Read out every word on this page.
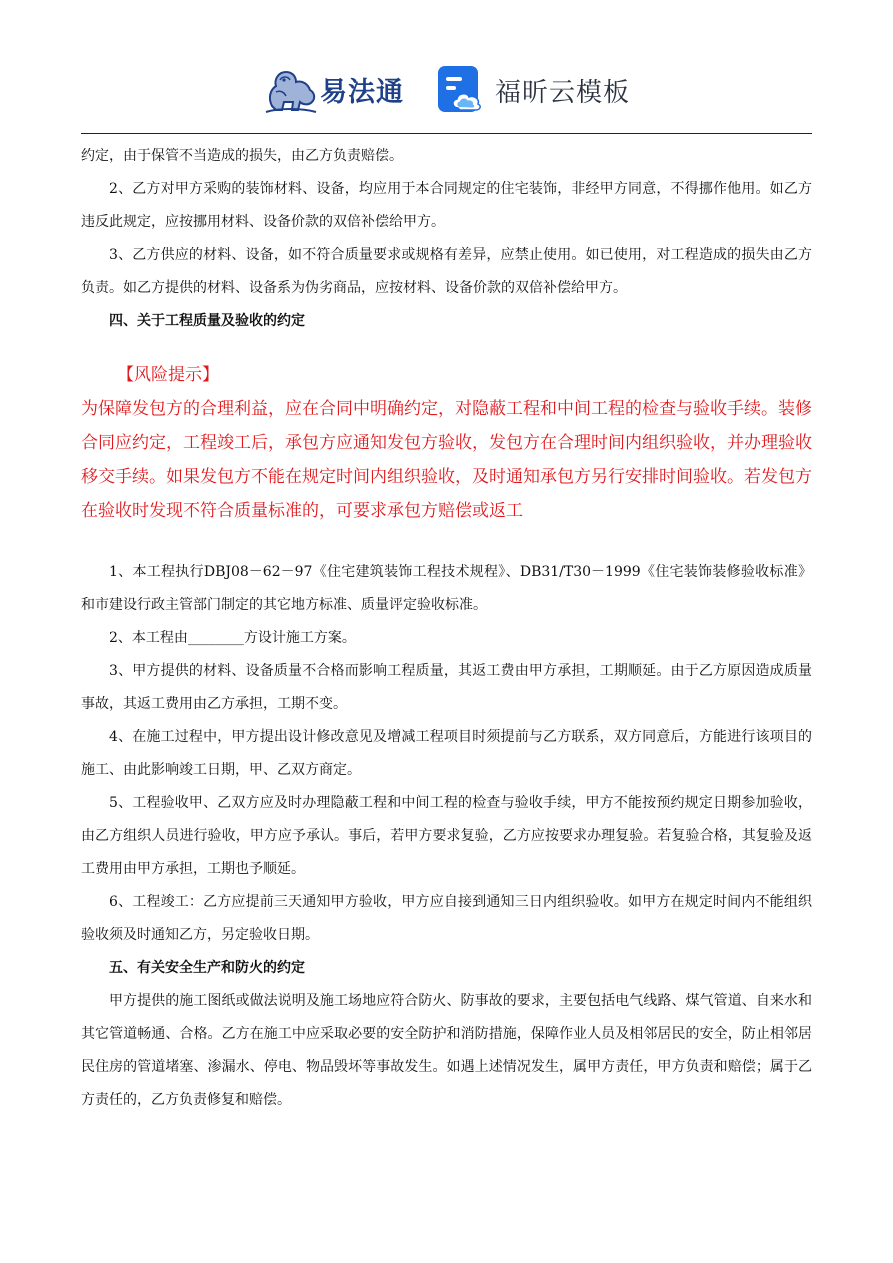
易法通	福昕云模板

约定，由于保管不当造成的损失，由乙方负责赔偿。

2、乙方对甲方采购的装饰材料、设备，均应用于本合同规定的住宅装饰，非经甲方同意，不得挪作他用。如乙方违反此规定，应按挪用材料、设备价款的双倍补偿给甲方。

3、乙方供应的材料、设备，如不符合质量要求或规格有差异，应禁止使用。如已使用，对工程造成的损失由乙方负责。如乙方提供的材料、设备系为伪劣商品，应按材料、设备价款的双倍补偿给甲方。

四、关于工程质量及验收的约定
【风险提示】
为保障发包方的合理利益，应在合同中明确约定，对隐蔽工程和中间工程的检查与验收手续。装修合同应约定，工程竣工后，承包方应通知发包方验收，发包方在合理时间内组织验收，并办理验收移交手续。如果发包方不能在规定时间内组织验收，及时通知承包方另行安排时间验收。若发包方在验收时发现不符合质量标准的，可要求承包方赔偿或返工

1、本工程执行DBJ08－62－97《住宅建筑装饰工程技术规程》、DB31/T30－1999《住宅装饰装修验收标准》和市建设行政主管部门制定的其它地方标准、质量评定验收标准。

2、本工程由________方设计施工方案。

3、甲方提供的材料、设备质量不合格而影响工程质量，其返工费由甲方承担，工期顺延。由于乙方原因造成质量事故，其返工费用由乙方承担，工期不变。

4、在施工过程中，甲方提出设计修改意见及增减工程项目时须提前与乙方联系，双方同意后，方能进行该项目的施工、由此影响竣工日期，甲、乙双方商定。

5、工程验收甲、乙双方应及时办理隐蔽工程和中间工程的检查与验收手续，甲方不能按预约规定日期参加验收，由乙方组织人员进行验收，甲方应予承认。事后，若甲方要求复验，乙方应按要求办理复验。若复验合格，其复验及返工费用由甲方承担，工期也予顺延。

6、工程竣工：乙方应提前三天通知甲方验收，甲方应自接到通知三日内组织验收。如甲方在规定时间内不能组织验收须及时通知乙方，另定验收日期。

五、有关安全生产和防火的约定

甲方提供的施工图纸或做法说明及施工场地应符合防火、防事故的要求，主要包括电气线路、煤气管道、自来水和其它管道畅通、合格。乙方在施工中应采取必要的安全防护和消防措施，保障作业人员及相邻居民的安全，防止相邻居民住房的管道堵塞、渗漏水、停电、物品毁坏等事故发生。如遇上述情况发生，属甲方责任，甲方负责和赔偿；属于乙方责任的，乙方负责修复和赔偿。
